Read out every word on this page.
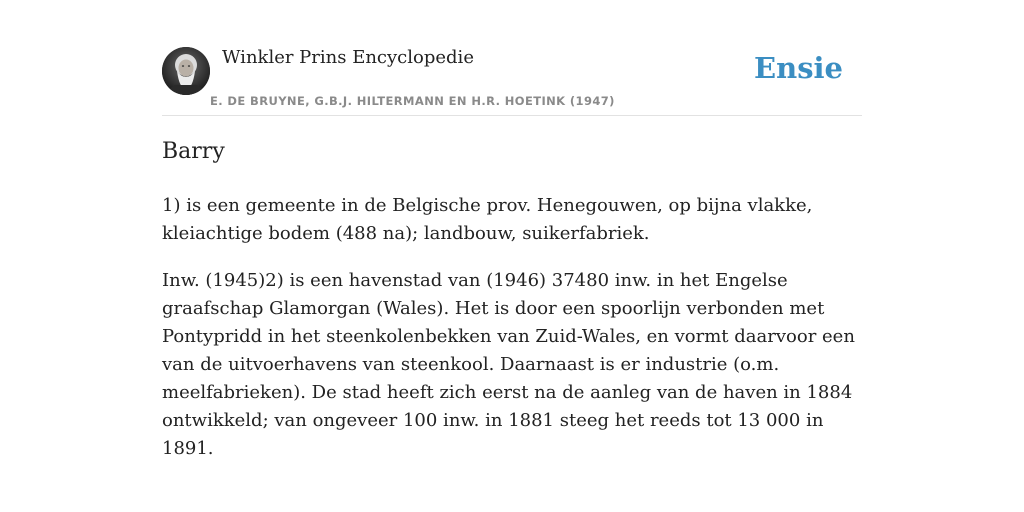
Winkler Prins Encyclopedie
E. DE BRUYNE, G.B.J. HILTERMANN EN H.R. HOETINK (1947)
Ensie
Barry

1) is een gemeente in de Belgische prov. Henegouwen, op bijna vlakke, kleiachtige bodem (488 na); landbouw, suikerfabriek.

Inw. (1945)2) is een havenstad van (1946) 37480 inw. in het Engelse graafschap Glamorgan (Wales). Het is door een spoorlijn verbonden met Pontypridd in het steenkolenbekken van Zuid-Wales, en vormt daarvoor een van de uitvoerhavens van steenkool. Daarnaast is er industrie (o.m. meelfabrieken). De stad heeft zich eerst na de aanleg van de haven in 1884 ontwikkeld; van ongeveer 100 inw. in 1881 steeg het reeds tot 13 000 in 1891.
